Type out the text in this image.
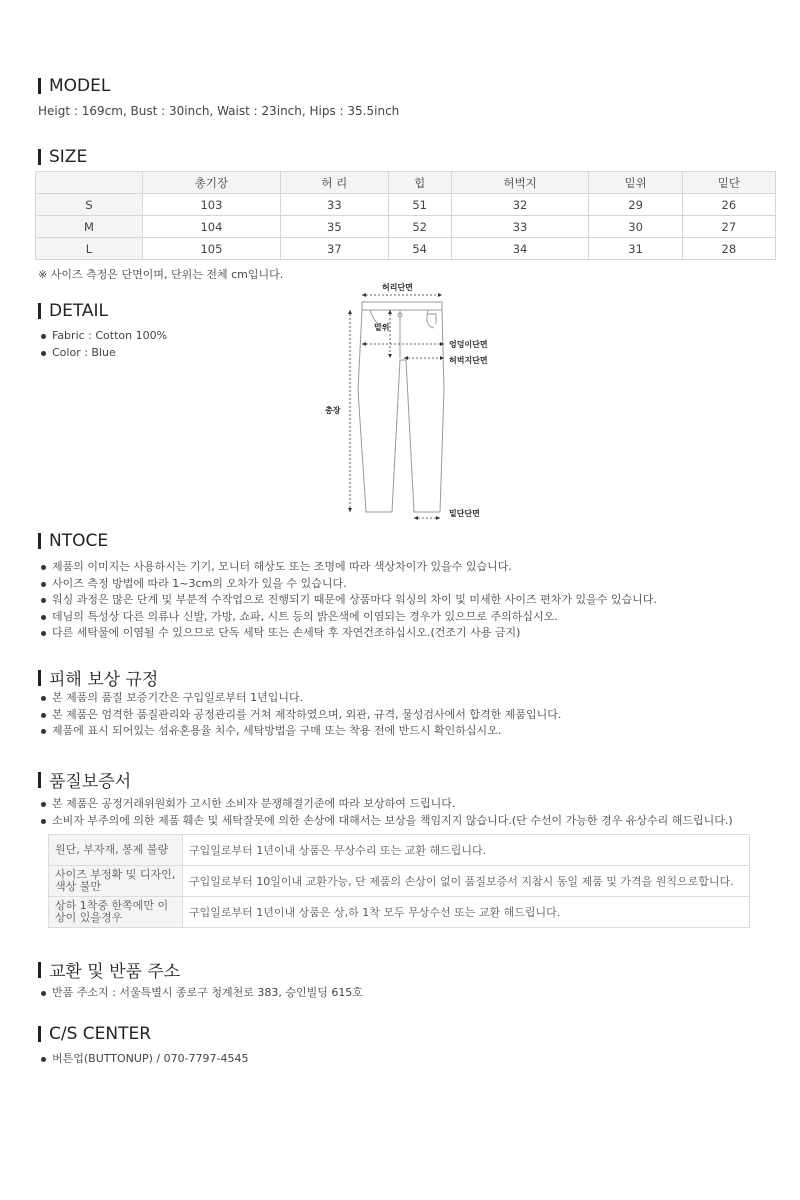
MODEL
Heigt : 169cm, Bust : 30inch, Waist : 23inch, Hips : 35.5inch
SIZE
	총기장	허 리	힙	허벅지	밑위	밑단
S	103	33	51	32	29	26
M	104	35	52	33	30	27
L	105	37	54	34	31	28
※ 사이즈 측정은 단면이며, 단위는 전체 cm입니다.
DETAIL
Fabric : Cotton 100%
Color : Blue
허리단면
밑위
엉덩이단면
허벅지단면
총장
밑단단면
NTOCE
제품의 이미지는 사용하시는 기기, 모니터 해상도 또는 조명에 따라 색상차이가 있을수 있습니다.
사이즈 측정 방법에 따라 1~3cm의 오차가 있을 수 있습니다.
워싱 과정은 많은 단계 및 부분적 수작업으로 진행되기 때문에 상품마다 워싱의 차이 및 미세한 사이즈 편차가 있을수 있습니다.
데님의 특성상 다른 의류나 신발, 가방, 쇼파, 시트 등의 밝은색에 이염되는 경우가 있으므로 주의하십시오.
다른 세탁물에 이염될 수 있으므로 단독 세탁 또는 손세탁 후 자연건조하십시오.(건조기 사용 금지)
피해 보상 규정
본 제품의 품질 보증기간은 구입일로부터 1년입니다.
본 제품은 엄격한 품질관리와 공정관리를 거쳐 제작하였으며, 외관, 규격, 물성검사에서 합격한 제품입니다.
제품에 표시 되어있는 섬유혼용율 치수, 세탁방법을 구매 또는 착용 전에 반드시 확인하십시오.
품질보증서
본 제품은 공정거래위원회가 고시한 소비자 분쟁해결기준에 따라 보상하여 드립니다.
소비자 부주의에 의한 제품 훼손 및 세탁잘못에 의한 손상에 대해서는 보상을 책임지지 않습니다.(단 수선이 가능한 경우 유상수리 해드립니다.)
원단, 부자재, 봉제 불량	구입일로부터 1년이내 상품은 무상수리 또는 교환 해드립니다.
사이즈 부정확 및 디자인, 색상 불만	구입일로부터 10일이내 교환가능, 단 제품의 손상이 없이 품질보증서 지참시 동일 제품 및 가격을 원칙으로합니다.
상하 1착중 한쪽에만 이상이 있을경우	구입일로부터 1년이내 상품은 상,하 1착 모두 무상수선 또는 교환 해드립니다.
교환 및 반품 주소
반품 주소지 : 서울특별시 종로구 청계천로 383, 승인빌딩 615호
C/S CENTER
버튼업(BUTTONUP) / 070-7797-4545
